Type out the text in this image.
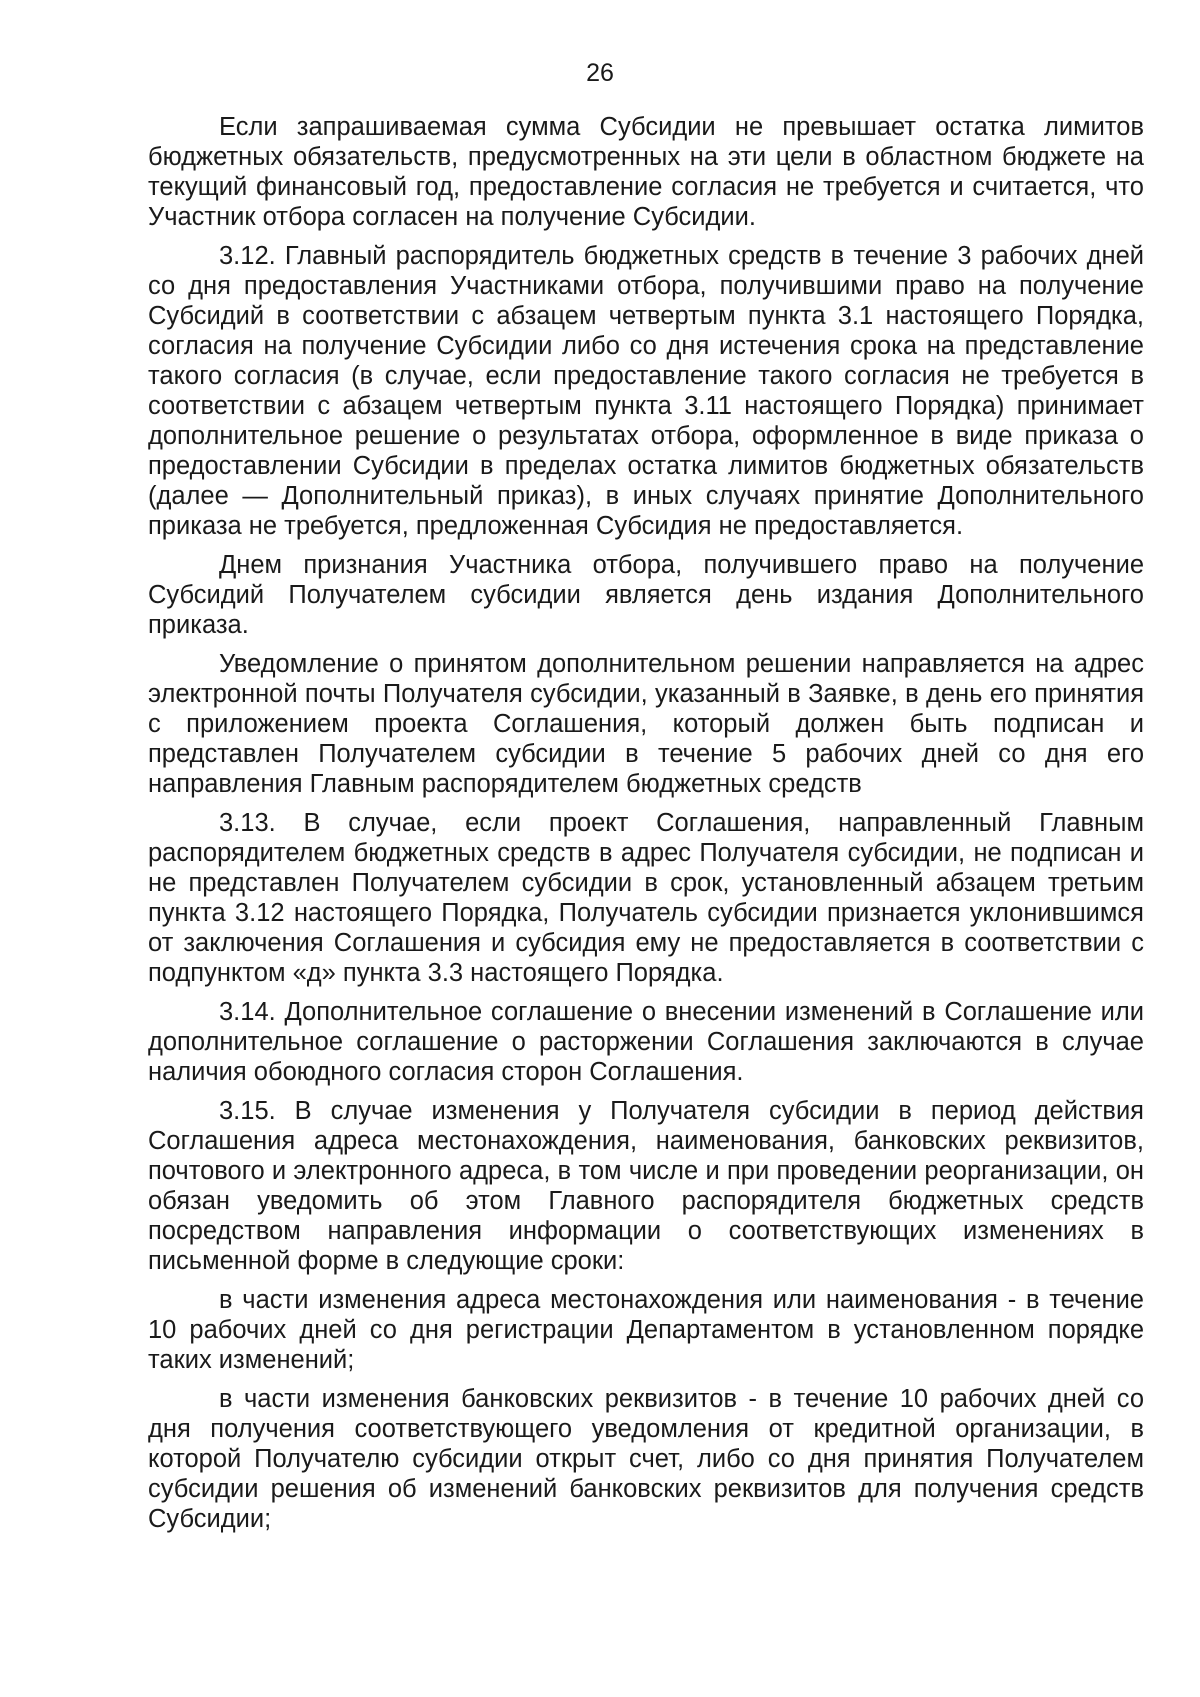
26

Если запрашиваемая сумма Субсидии не превышает остатка лимитов бюджетных обязательств, предусмотренных на эти цели в областном бюджете на текущий финансовый год, предоставление согласия не требуется и считается, что Участник отбора согласен на получение Субсидии.

3.12. Главный распорядитель бюджетных средств в течение 3 рабочих дней со дня предоставления Участниками отбора, получившими право на получение Субсидий в соответствии с абзацем четвертым пункта 3.1 настоящего Порядка, согласия на получение Субсидии либо со дня истечения срока на представление такого согласия (в случае, если предоставление такого согласия не требуется в соответствии с абзацем четвертым пункта 3.11 настоящего Порядка) принимает дополнительное решение о результатах отбора, оформленное в виде приказа о предоставлении Субсидии в пределах остатка лимитов бюджетных обязательств (далее — Дополнительный приказ), в иных случаях принятие Дополнительного приказа не требуется, предложенная Субсидия не предоставляется.

Днем признания Участника отбора, получившего право на получение Субсидий Получателем субсидии является день издания Дополнительного приказа.

Уведомление о принятом дополнительном решении направляется на адрес электронной почты Получателя субсидии, указанный в Заявке, в день его принятия с приложением проекта Соглашения, который должен быть подписан и представлен Получателем субсидии в течение 5 рабочих дней со дня его направления Главным распорядителем бюджетных средств

3.13. В случае, если проект Соглашения, направленный Главным распорядителем бюджетных средств в адрес Получателя субсидии, не подписан и не представлен Получателем субсидии в срок, установленный абзацем третьим пункта 3.12 настоящего Порядка, Получатель субсидии признается уклонившимся от заключения Соглашения и субсидия ему не предоставляется в соответствии с подпунктом «д» пункта 3.3 настоящего Порядка.

3.14. Дополнительное соглашение о внесении изменений в Соглашение или дополнительное соглашение о расторжении Соглашения заключаются в случае наличия обоюдного согласия сторон Соглашения.

3.15. В случае изменения у Получателя субсидии в период действия Соглашения адреса местонахождения, наименования, банковских реквизитов, почтового и электронного адреса, в том числе и при проведении реорганизации, он обязан уведомить об этом Главного распорядителя бюджетных средств посредством направления информации о соответствующих изменениях в письменной форме в следующие сроки:

в части изменения адреса местонахождения или наименования - в течение 10 рабочих дней со дня регистрации Департаментом в установленном порядке таких изменений;

в части изменения банковских реквизитов - в течение 10 рабочих дней со дня получения соответствующего уведомления от кредитной организации, в которой Получателю субсидии открыт счет, либо со дня принятия Получателем субсидии решения об изменений банковских реквизитов для получения средств Субсидии;
